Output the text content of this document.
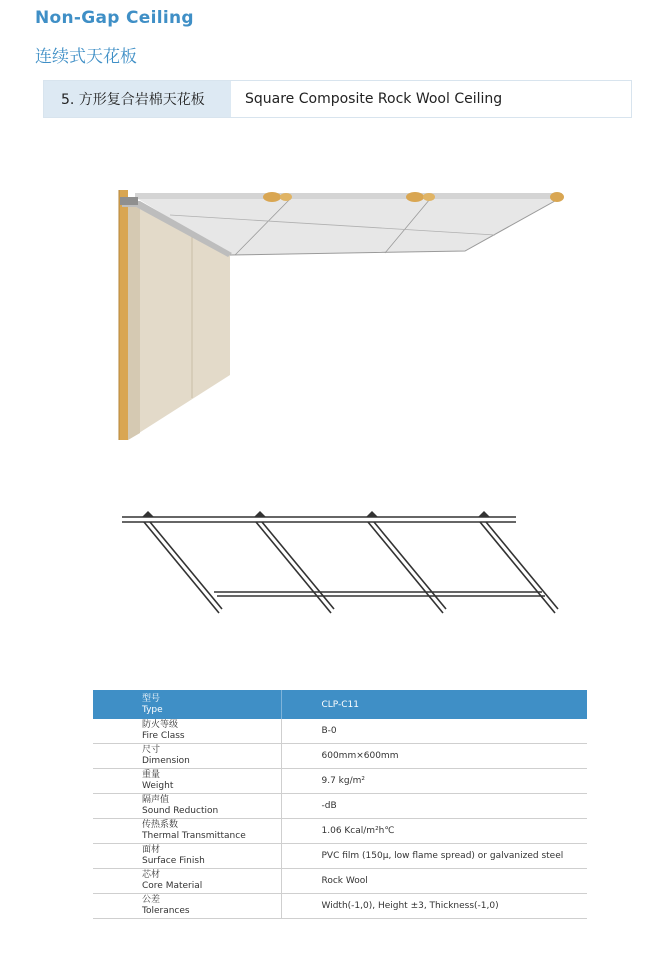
Non-Gap Ceiling
连续式天花板
5. 方形复合岩棉天花板	Square Composite Rock Wool Ceiling
型号
Type	CLP-C11

防火等级
Fire Class	B-0

尺寸
Dimension	600mm×600mm

重量
Weight	9.7 kg/m²

隔声值
Sound Reduction	-dB

传热系数
Thermal Transmittance	1.06 Kcal/m²h℃

面材
Surface Finish	PVC film (150μ, low flame spread) or galvanized steel

芯材
Core Material	Rock Wool

公差
Tolerances	Width(-1,0), Height ±3, Thickness(-1,0)
